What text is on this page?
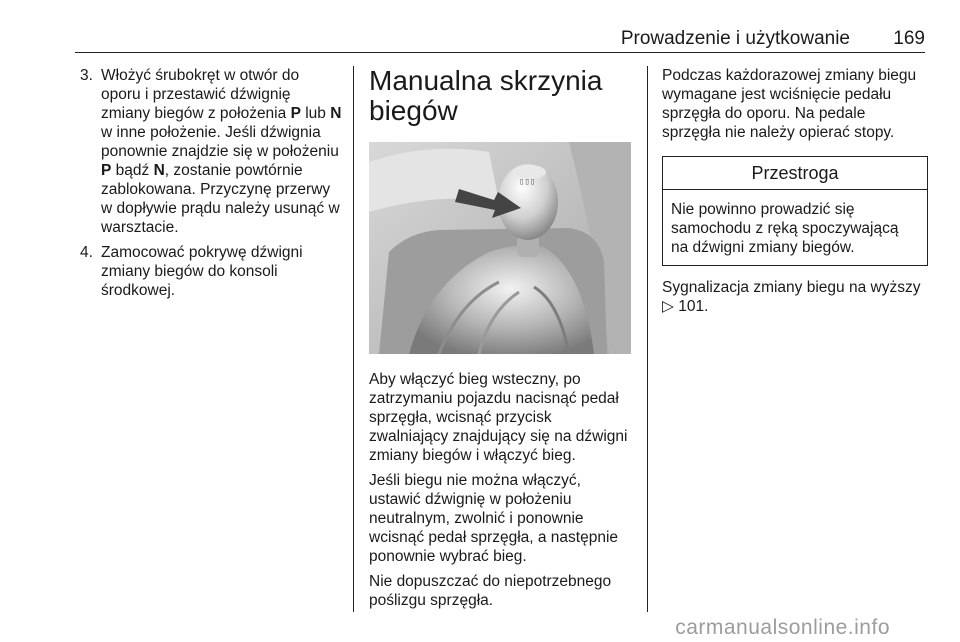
Prowadzenie i użytkowanie 169
3. Włożyć śrubokręt w otwór do oporu i przestawić dźwignię zmiany biegów z położenia P lub N w inne położenie. Jeśli dźwignia ponownie znajdzie się w położeniu P bądź N, zostanie powtórnie zablokowana. Przyczynę przerwy w dopływie prądu należy usunąć w warsztacie.
4. Zamocować pokrywę dźwigni zmiany biegów do konsoli środkowej.
Manualna skrzynia biegów
▯▯▯

Aby włączyć bieg wsteczny, po zatrzymaniu pojazdu nacisnąć pedał sprzęgła, wcisnąć przycisk zwalniający znajdujący się na dźwigni zmiany biegów i włączyć bieg.

Jeśli biegu nie można włączyć, ustawić dźwignię w położeniu neutralnym, zwolnić i ponownie wcisnąć pedał sprzęgła, a następnie ponownie wybrać bieg.

Nie dopuszczać do niepotrzebnego poślizgu sprzęgła.

Podczas każdorazowej zmiany biegu wymagane jest wciśnięcie pedału sprzęgła do oporu. Na pedale sprzęgła nie należy opierać stopy.

Przestroga
Nie powinno prowadzić się samochodu z ręką spoczywającą na dźwigni zmiany biegów.

Sygnalizacja zmiany biegu na wyższy
▷ 101.

carmanualsonline.info
